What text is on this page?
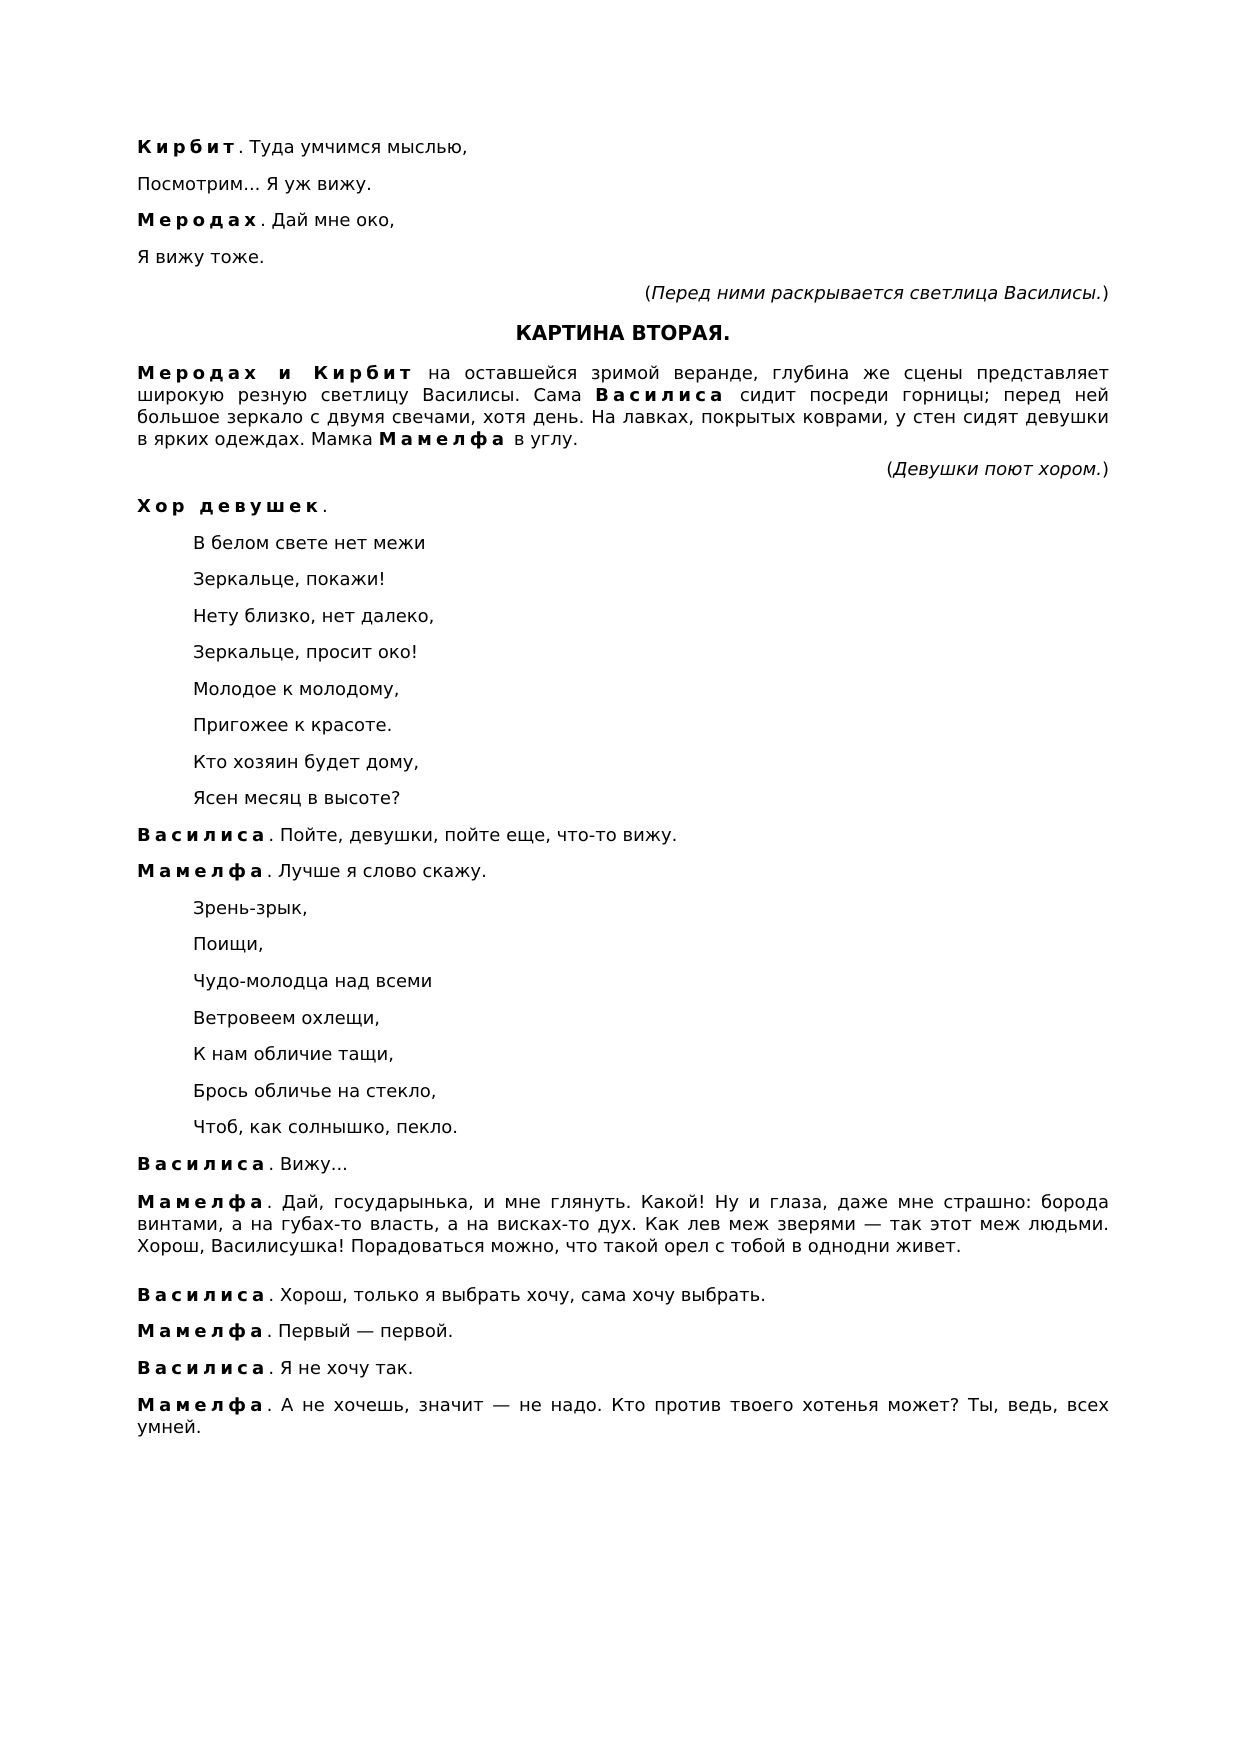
Кирбит. Туда умчимся мыслью,
Посмотрим... Я уж вижу.
Меродах. Дай мне око,
Я вижу тоже.
(Перед ними раскрывается светлица Василисы.)
КАРТИНА ВТОРАЯ.
Меродах и Кирбит на оставшейся зримой веранде, глубина же сцены представляет широкую резную светлицу Василисы. Сама Василиса сидит посреди горницы; перед ней большое зеркало с двумя свечами, хотя день. На лавках, покрытых коврами, у стен сидят девушки в ярких одеждах. Мамка Мамелфа в углу.
(Девушки поют хором.)
Хор девушек.
В белом свете нет межи
Зеркальце, покажи!
Нету близко, нет далеко,
Зеркальце, просит око!
Молодое к молодому,
Пригожее к красоте.
Кто хозяин будет дому,
Ясен месяц в высоте?
Василиса. Пойте, девушки, пойте еще, что-то вижу.
Мамелфа. Лучше я слово скажу.
Зрень-зрык,
Поищи,
Чудо-молодца над всеми
Ветровеем охлещи,
К нам обличие тащи,
Брось обличье на стекло,
Чтоб, как солнышко, пекло.
Василиса. Вижу...
Мамелфа. Дай, государынька, и мне глянуть. Какой! Ну и глаза, даже мне страшно: борода винтами, а на губах-то власть, а на висках-то дух. Как лев меж зверями — так этот меж людьми. Хорош, Василисушка! Порадоваться можно, что такой орел с тобой в однодни живет.
Василиса. Хорош, только я выбрать хочу, сама хочу выбрать.
Мамелфа. Первый — первой.
Василиса. Я не хочу так.
Мамелфа. А не хочешь, значит — не надо. Кто против твоего хотенья может? Ты, ведь, всех умней.
